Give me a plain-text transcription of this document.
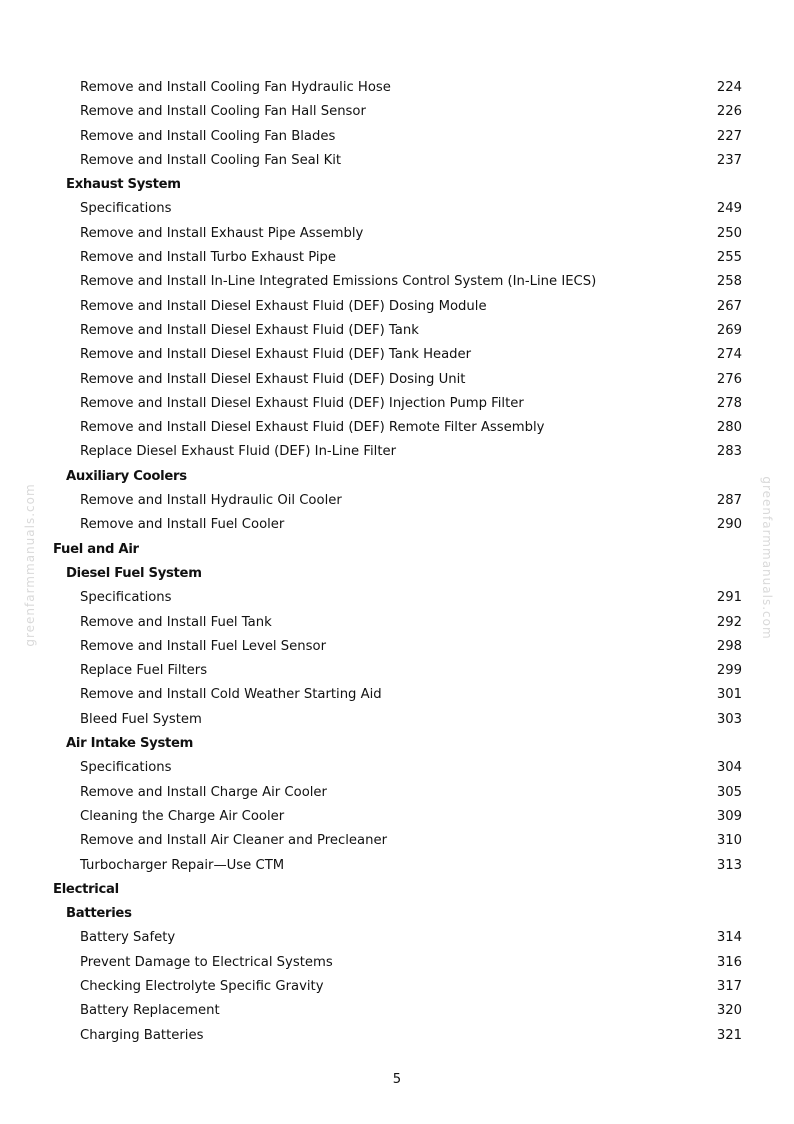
Remove and Install Cooling Fan Hydraulic Hose	224
Remove and Install Cooling Fan Hall Sensor	226
Remove and Install Cooling Fan Blades	227
Remove and Install Cooling Fan Seal Kit	237
Exhaust System
Specifications	249
Remove and Install Exhaust Pipe Assembly	250
Remove and Install Turbo Exhaust Pipe	255
Remove and Install In-Line Integrated Emissions Control System (In-Line IECS)	258
Remove and Install Diesel Exhaust Fluid (DEF) Dosing Module	267
Remove and Install Diesel Exhaust Fluid (DEF) Tank	269
Remove and Install Diesel Exhaust Fluid (DEF) Tank Header	274
Remove and Install Diesel Exhaust Fluid (DEF) Dosing Unit	276
Remove and Install Diesel Exhaust Fluid (DEF) Injection Pump Filter	278
Remove and Install Diesel Exhaust Fluid (DEF) Remote Filter Assembly	280
Replace Diesel Exhaust Fluid (DEF) In-Line Filter	283
Auxiliary Coolers
Remove and Install Hydraulic Oil Cooler	287
Remove and Install Fuel Cooler	290
Fuel and Air
Diesel Fuel System
Specifications	291
Remove and Install Fuel Tank	292
Remove and Install Fuel Level Sensor	298
Replace Fuel Filters	299
Remove and Install Cold Weather Starting Aid	301
Bleed Fuel System	303
Air Intake System
Specifications	304
Remove and Install Charge Air Cooler	305
Cleaning the Charge Air Cooler	309
Remove and Install Air Cleaner and Precleaner	310
Turbocharger Repair—Use CTM	313
Electrical
Batteries
Battery Safety	314
Prevent Damage to Electrical Systems	316
Checking Electrolyte Specific Gravity	317
Battery Replacement	320
Charging Batteries	321
5
greenfarmmanuals.com	greenfarmmanuals.com
